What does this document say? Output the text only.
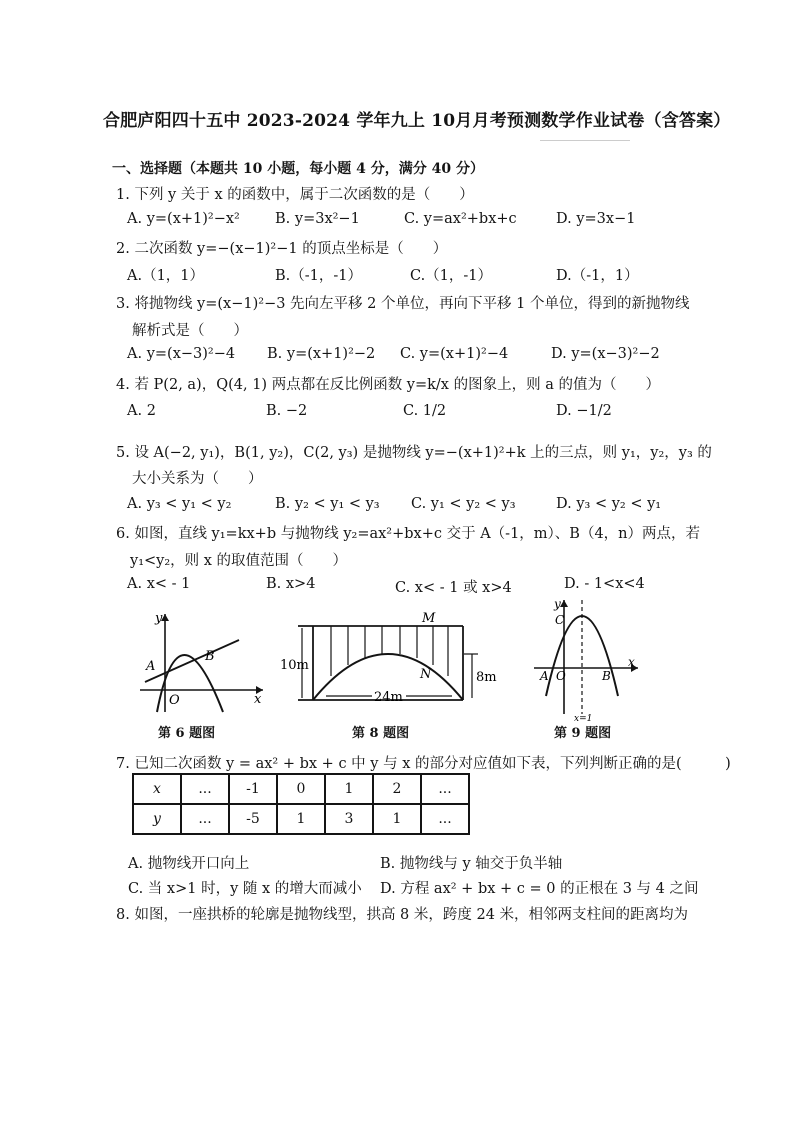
合肥庐阳四十五中 2023-2024 学年九上 10月月考预测数学作业试卷（含答案）
一、选择题（本题共 10 小题，每小题 4 分，满分 40 分）
1. 下列 y 关于 x 的函数中，属于二次函数的是（　　）
A. y=(x+1)²−x² B. y=3x²−1	C. y=ax²+bx+c	D. y=3x−1
2. 二次函数 y=−(x−1)²−1 的顶点坐标是（　　）
A.（1，1）	B.（-1，-1）	C.（1，-1）	D.（-1，1）
3. 将抛物线 y=(x−1)²−3 先向左平移 2 个单位，再向下平移 1 个单位，得到的新抛物线
解析式是（　　）
A. y=(x−3)²−4 B. y=(x+1)²−2 C. y=(x+1)²−4	D. y=(x−3)²−2
4. 若 P(2, a)，Q(4, 1) 两点都在反比例函数 y=k/x 的图象上，则 a 的值为（　　）
A. 2	B. −2	C. 1/2	D. −1/2
5. 设 A(−2, y₁)，B(1, y₂)，C(2, y₃) 是抛物线 y=−(x+1)²+k 上的三点，则 y₁，y₂，y₃ 的
大小关系为（　　）
A. y₃ < y₁ < y₂	B. y₂ < y₁ < y₃ C. y₁ < y₂ < y₃	D. y₃ < y₂ < y₁
6. 如图，直线 y₁=kx+b 与抛物线 y₂=ax²+bx+c 交于 A（-1，m）、B（4，n）两点，若
y₁<y₂，则 x 的取值范围（　　）
A. x< - 1	B. x>4	C. x< - 1 或 x>4	D. - 1<x<4
y
A
B
O	x
第 6 题图
M
N
10m
8m
24m
第 8 题图
y
C
A O	B
x
x=1
第 9 题图
7. 已知二次函数 y = ax² + bx + c 中 y 与 x 的部分对应值如下表，下列判断正确的是(　　　)
x	...	-1	0	1	2	...
y	...	-5	1	3	1	...
A. 抛物线开口向上	B. 抛物线与 y 轴交于负半轴
C. 当 x>1 时，y 随 x 的增大而减小 D. 方程 ax² + bx + c = 0 的正根在 3 与 4 之间
8. 如图，一座拱桥的轮廓是抛物线型，拱高 8 米，跨度 24 米，相邻两支柱间的距离均为
